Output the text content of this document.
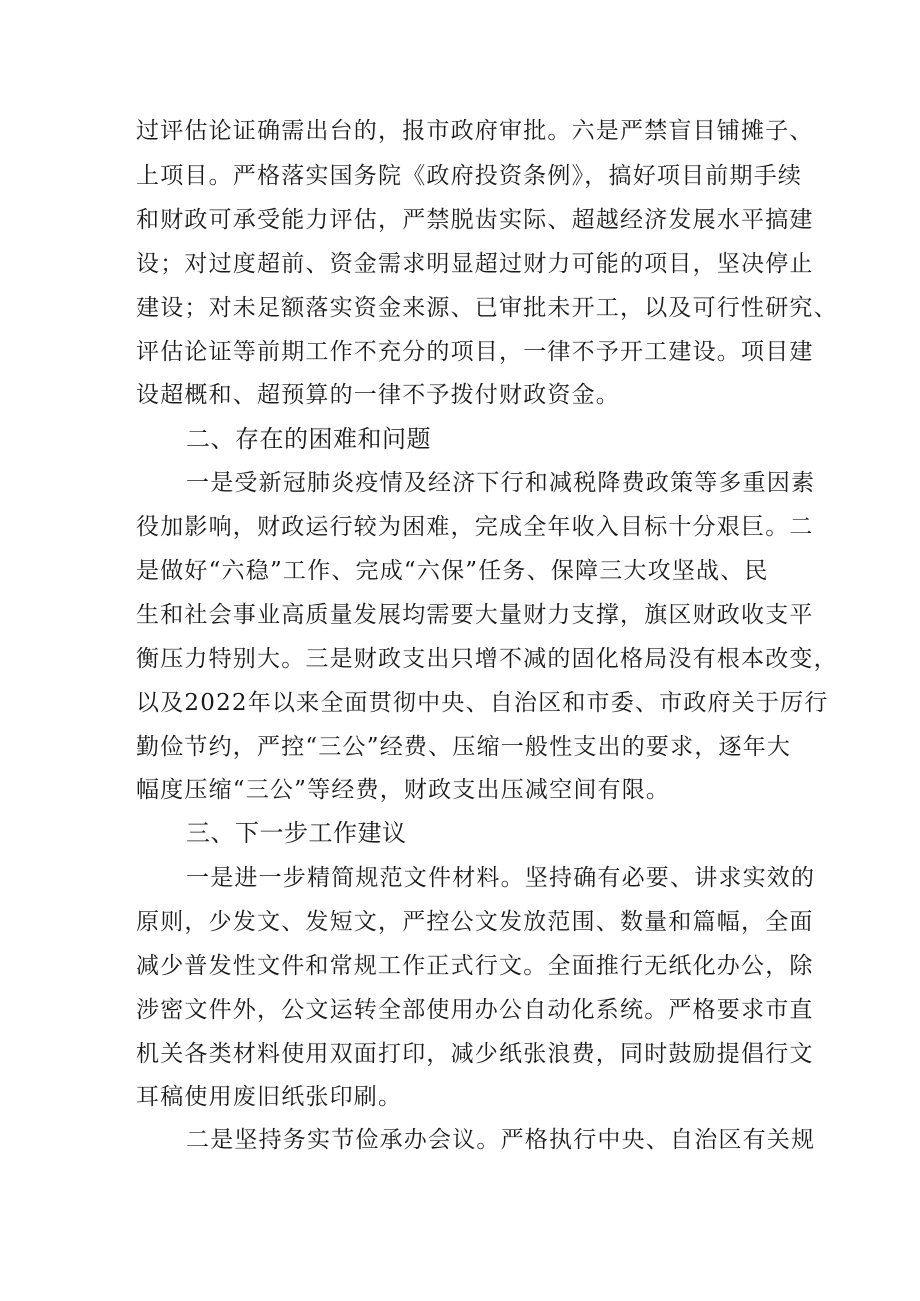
过评估论证确需出台的，报市政府审批。六是严禁盲目铺摊子、
上项目。严格落实国务院《政府投资条例》，搞好项目前期手续
和财政可承受能力评估，严禁脱齿实际、超越经济发展水平搞建
设；对过度超前、资金需求明显超过财力可能的项目，坚决停止
建设；对未足额落实资金来源、已审批未开工，以及可行性研究、
评估论证等前期工作不充分的项目，一律不予开工建设。项目建
设超概和、超预算的一律不予拨付财政资金。
二、存在的困难和问题
一是受新冠肺炎疫情及经济下行和减税降费政策等多重因素
役加影响，财政运行较为困难，完成全年收入目标十分艰巨。二
是做好“六稳”工作、完成“六保”任务、保障三大攻坚战、民
生和社会事业高质量发展均需要大量财力支撑，旗区财政收支平
衡压力特别大。三是财政支出只增不减的固化格局没有根本改变，
以及2022年以来全面贯彻中央、自治区和市委、市政府关于厉行
勤俭节约，严控“三公”经费、压缩一般性支出的要求，逐年大
幅度压缩“三公”等经费，财政支出压减空间有限。
三、下一步工作建议
一是进一步精简规范文件材料。坚持确有必要、讲求实效的
原则，少发文、发短文，严控公文发放范围、数量和篇幅，全面
减少普发性文件和常规工作正式行文。全面推行无纸化办公，除
涉密文件外，公文运转全部使用办公自动化系统。严格要求市直
机关各类材料使用双面打印，减少纸张浪费，同时鼓励提倡行文
耳稿使用废旧纸张印刷。
二是坚持务实节俭承办会议。严格执行中央、自治区有关规
